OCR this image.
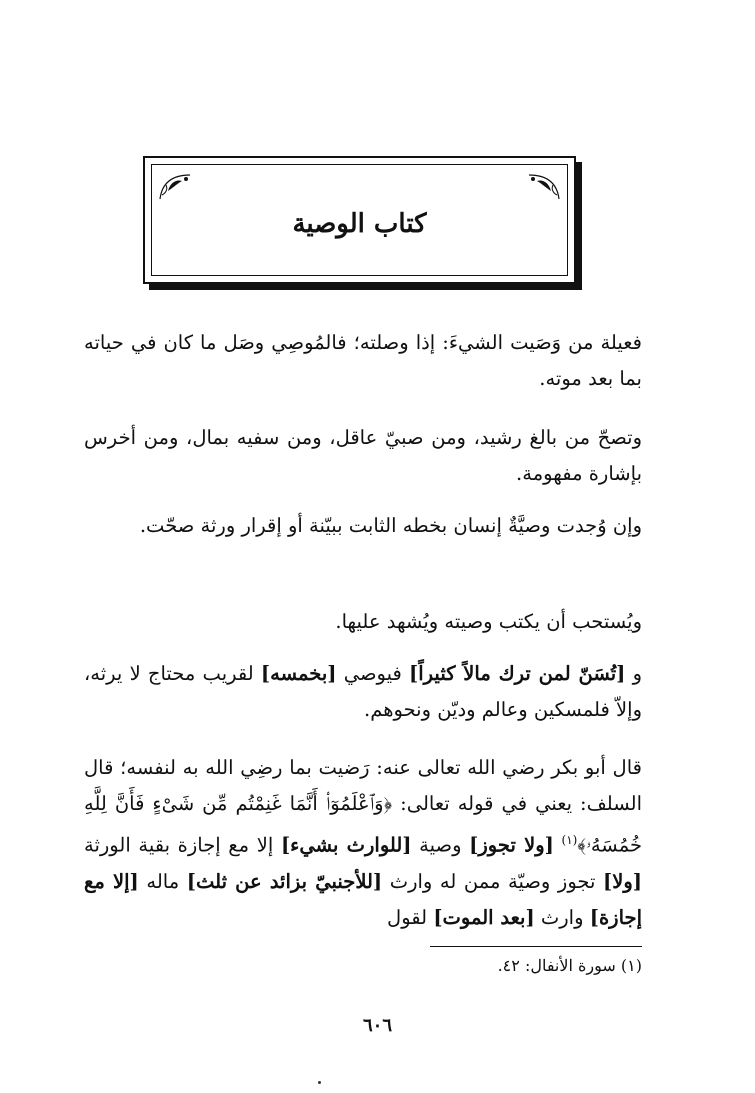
كتاب الوصية
فعيلة من وَصَيت الشيءَ: إذا وصلته؛ فالمُوصِي وصَل ما كان في حياته بما بعد موته.
وتصحّ من بالغ رشيد، ومن صبيّ عاقل، ومن سفيه بمال، ومن أخرس بإشارة مفهومة.
وإن وُجدت وصيَّةٌ إنسان بخطه الثابت ببيّنة أو إقرار ورثة صحّت.
ويُستحب أن يكتب وصيته ويُشهد عليها.
و [تُسَنّ لمن ترك مالاً كثيراً] فيوصي [بخمسه] لقريب محتاج لا يرثه، وإلاّ فلمسكين وعالم وديّن ونحوهم.
قال أبو بكر رضي الله تعالى عنه: رَضيت بما رضِي الله به لنفسه؛ قال السلف: يعني في قوله تعالى: ﴿وَٱعْلَمُوٓا۟ أَنَّمَا غَنِمْتُم مِّن شَىْءٍ فَأَنَّ لِلَّهِ خُمُسَهُۥ﴾$^{(١)}$ [ولا تجوز] وصية [للوارث بشيء] إلا مع إجازة بقية الورثة [ولا] تجوز وصيّة ممن له وارث [للأجنبيّ بزائد عن ثلث] ماله [إلا مع إجازة] وارث [بعد الموت] لقول
(١) سورة الأنفال: ٤٢.
٦٠٦
